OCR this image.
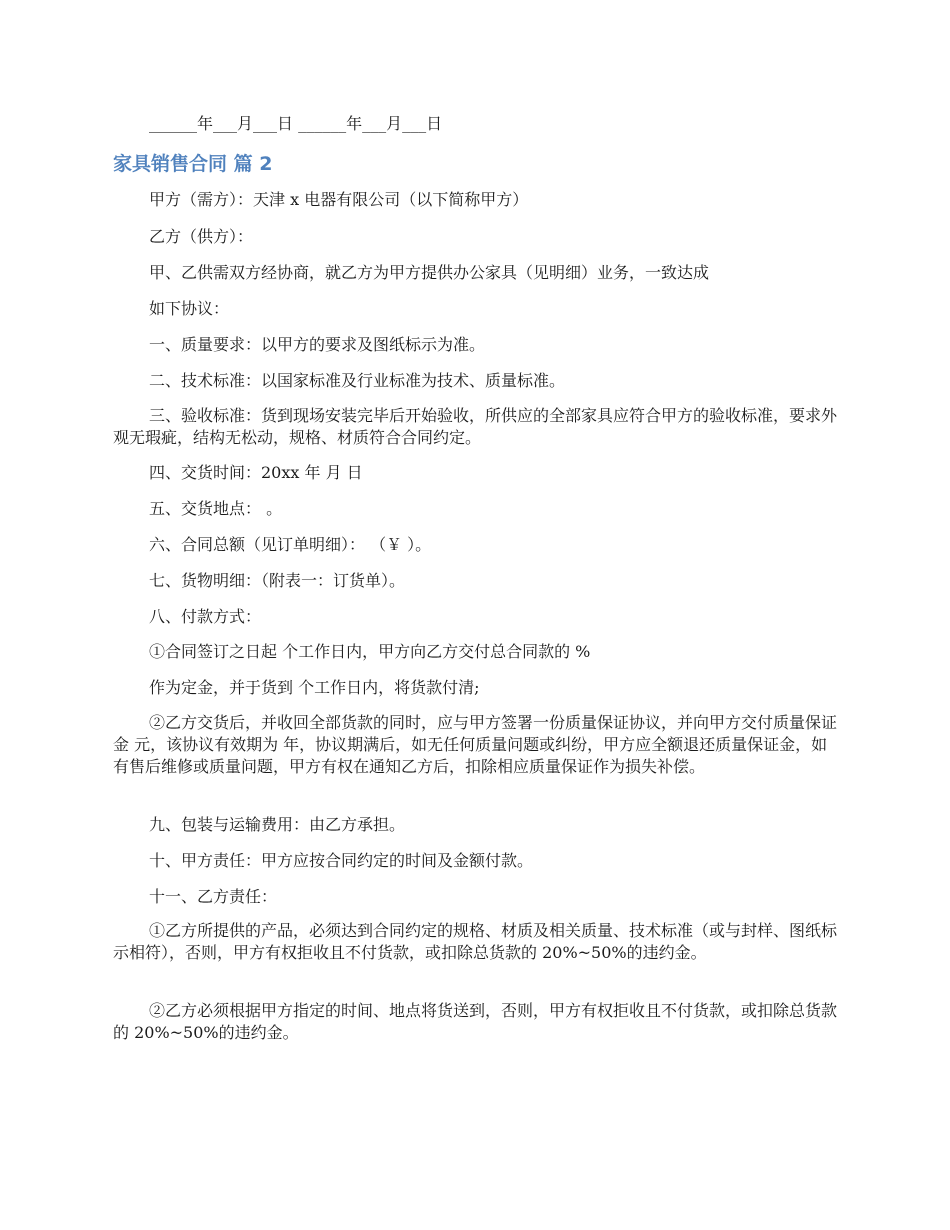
______年___月___日 ______年___月___日

家具销售合同 篇 2

甲方（需方）：天津 x 电器有限公司（以下简称甲方）

乙方（供方）：

甲、乙供需双方经协商，就乙方为甲方提供办公家具（见明细）业务，一致达成

如下协议：

一、质量要求：以甲方的要求及图纸标示为准。

二、技术标准：以国家标准及行业标准为技术、质量标准。

三、验收标准：货到现场安装完毕后开始验收，所供应的全部家具应符合甲方的验收标准，要求外观无瑕疵，结构无松动，规格、材质符合合同约定。

四、交货时间：20xx 年 月 日

五、交货地点： 。

六、合同总额（见订单明细）： （￥ ）。

七、货物明细：（附表一：订货单）。

八、付款方式：

①合同签订之日起 个工作日内，甲方向乙方交付总合同款的 %

作为定金，并于货到 个工作日内，将货款付清;

②乙方交货后，并收回全部货款的同时，应与甲方签署一份质量保证协议，并向甲方交付质量保证金 元，该协议有效期为 年，协议期满后，如无任何质量问题或纠纷，甲方应全额退还质量保证金，如有售后维修或质量问题，甲方有权在通知乙方后，扣除相应质量保证作为损失补偿。

九、包装与运输费用：由乙方承担。

十、甲方责任：甲方应按合同约定的时间及金额付款。

十一、乙方责任：

①乙方所提供的产品，必须达到合同约定的规格、材质及相关质量、技术标准（或与封样、图纸标示相符），否则，甲方有权拒收且不付货款，或扣除总货款的 20%~50%的违约金。

②乙方必须根据甲方指定的时间、地点将货送到，否则，甲方有权拒收且不付货款，或扣除总货款的 20%~50%的违约金。
